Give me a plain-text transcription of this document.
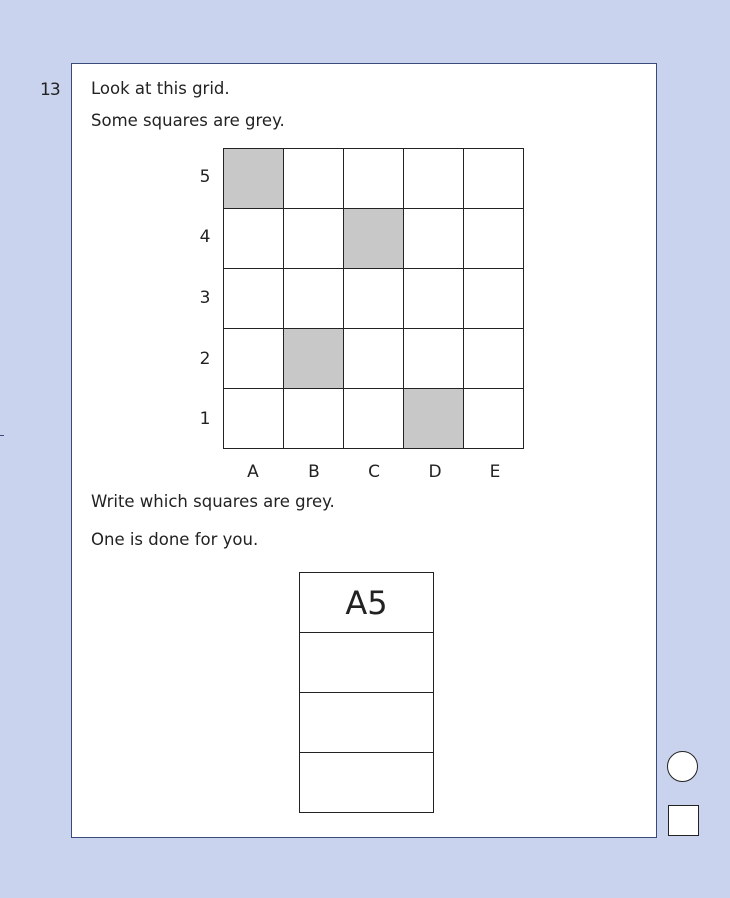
13 Look at this grid.
Some squares are grey.
5
4
3
2
1
A	B	C	D	E
Write which squares are grey.
One is done for you.
A5
